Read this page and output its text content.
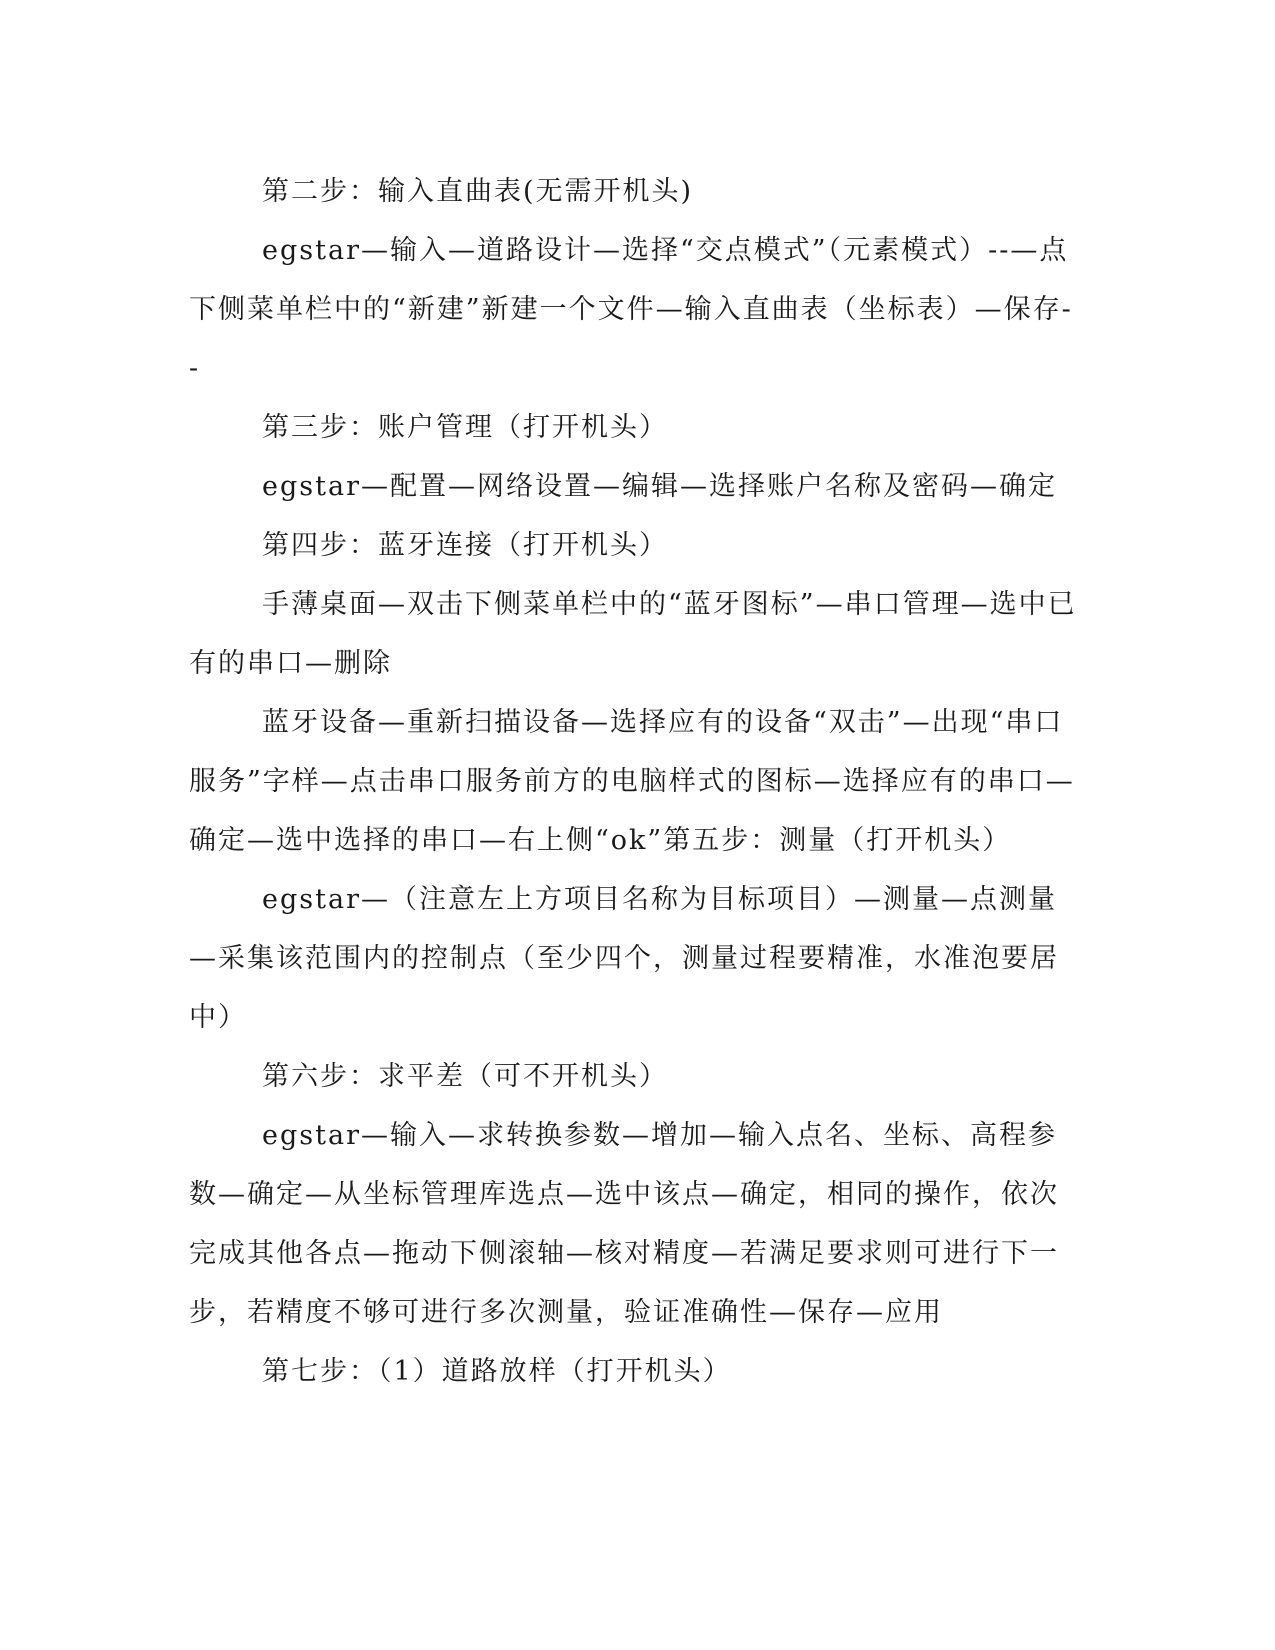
第二步：输入直曲表(无需开机头)

egstar—输入—道路设计—选择“交点模式”（元素模式）--—点下侧菜单栏中的“新建”新建一个文件—输入直曲表（坐标表）—保存--

第三步：账户管理（打开机头）

egstar—配置—网络设置—编辑—选择账户名称及密码—确定

第四步：蓝牙连接（打开机头）

手薄桌面—双击下侧菜单栏中的“蓝牙图标”—串口管理—选中已有的串口—删除

蓝牙设备—重新扫描设备—选择应有的设备“双击”—出现“串口服务”字样—点击串口服务前方的电脑样式的图标—选择应有的串口—确定—选中选择的串口—右上侧“ok”第五步：测量（打开机头）

egstar—（注意左上方项目名称为目标项目）—测量—点测量—采集该范围内的控制点（至少四个，测量过程要精准，水准泡要居中）

第六步：求平差（可不开机头）

egstar—输入—求转换参数—增加—输入点名、坐标、高程参数—确定—从坐标管理库选点—选中该点—确定，相同的操作，依次完成其他各点—拖动下侧滚轴—核对精度—若满足要求则可进行下一步，若精度不够可进行多次测量，验证准确性—保存—应用

第七步：（1）道路放样（打开机头）
